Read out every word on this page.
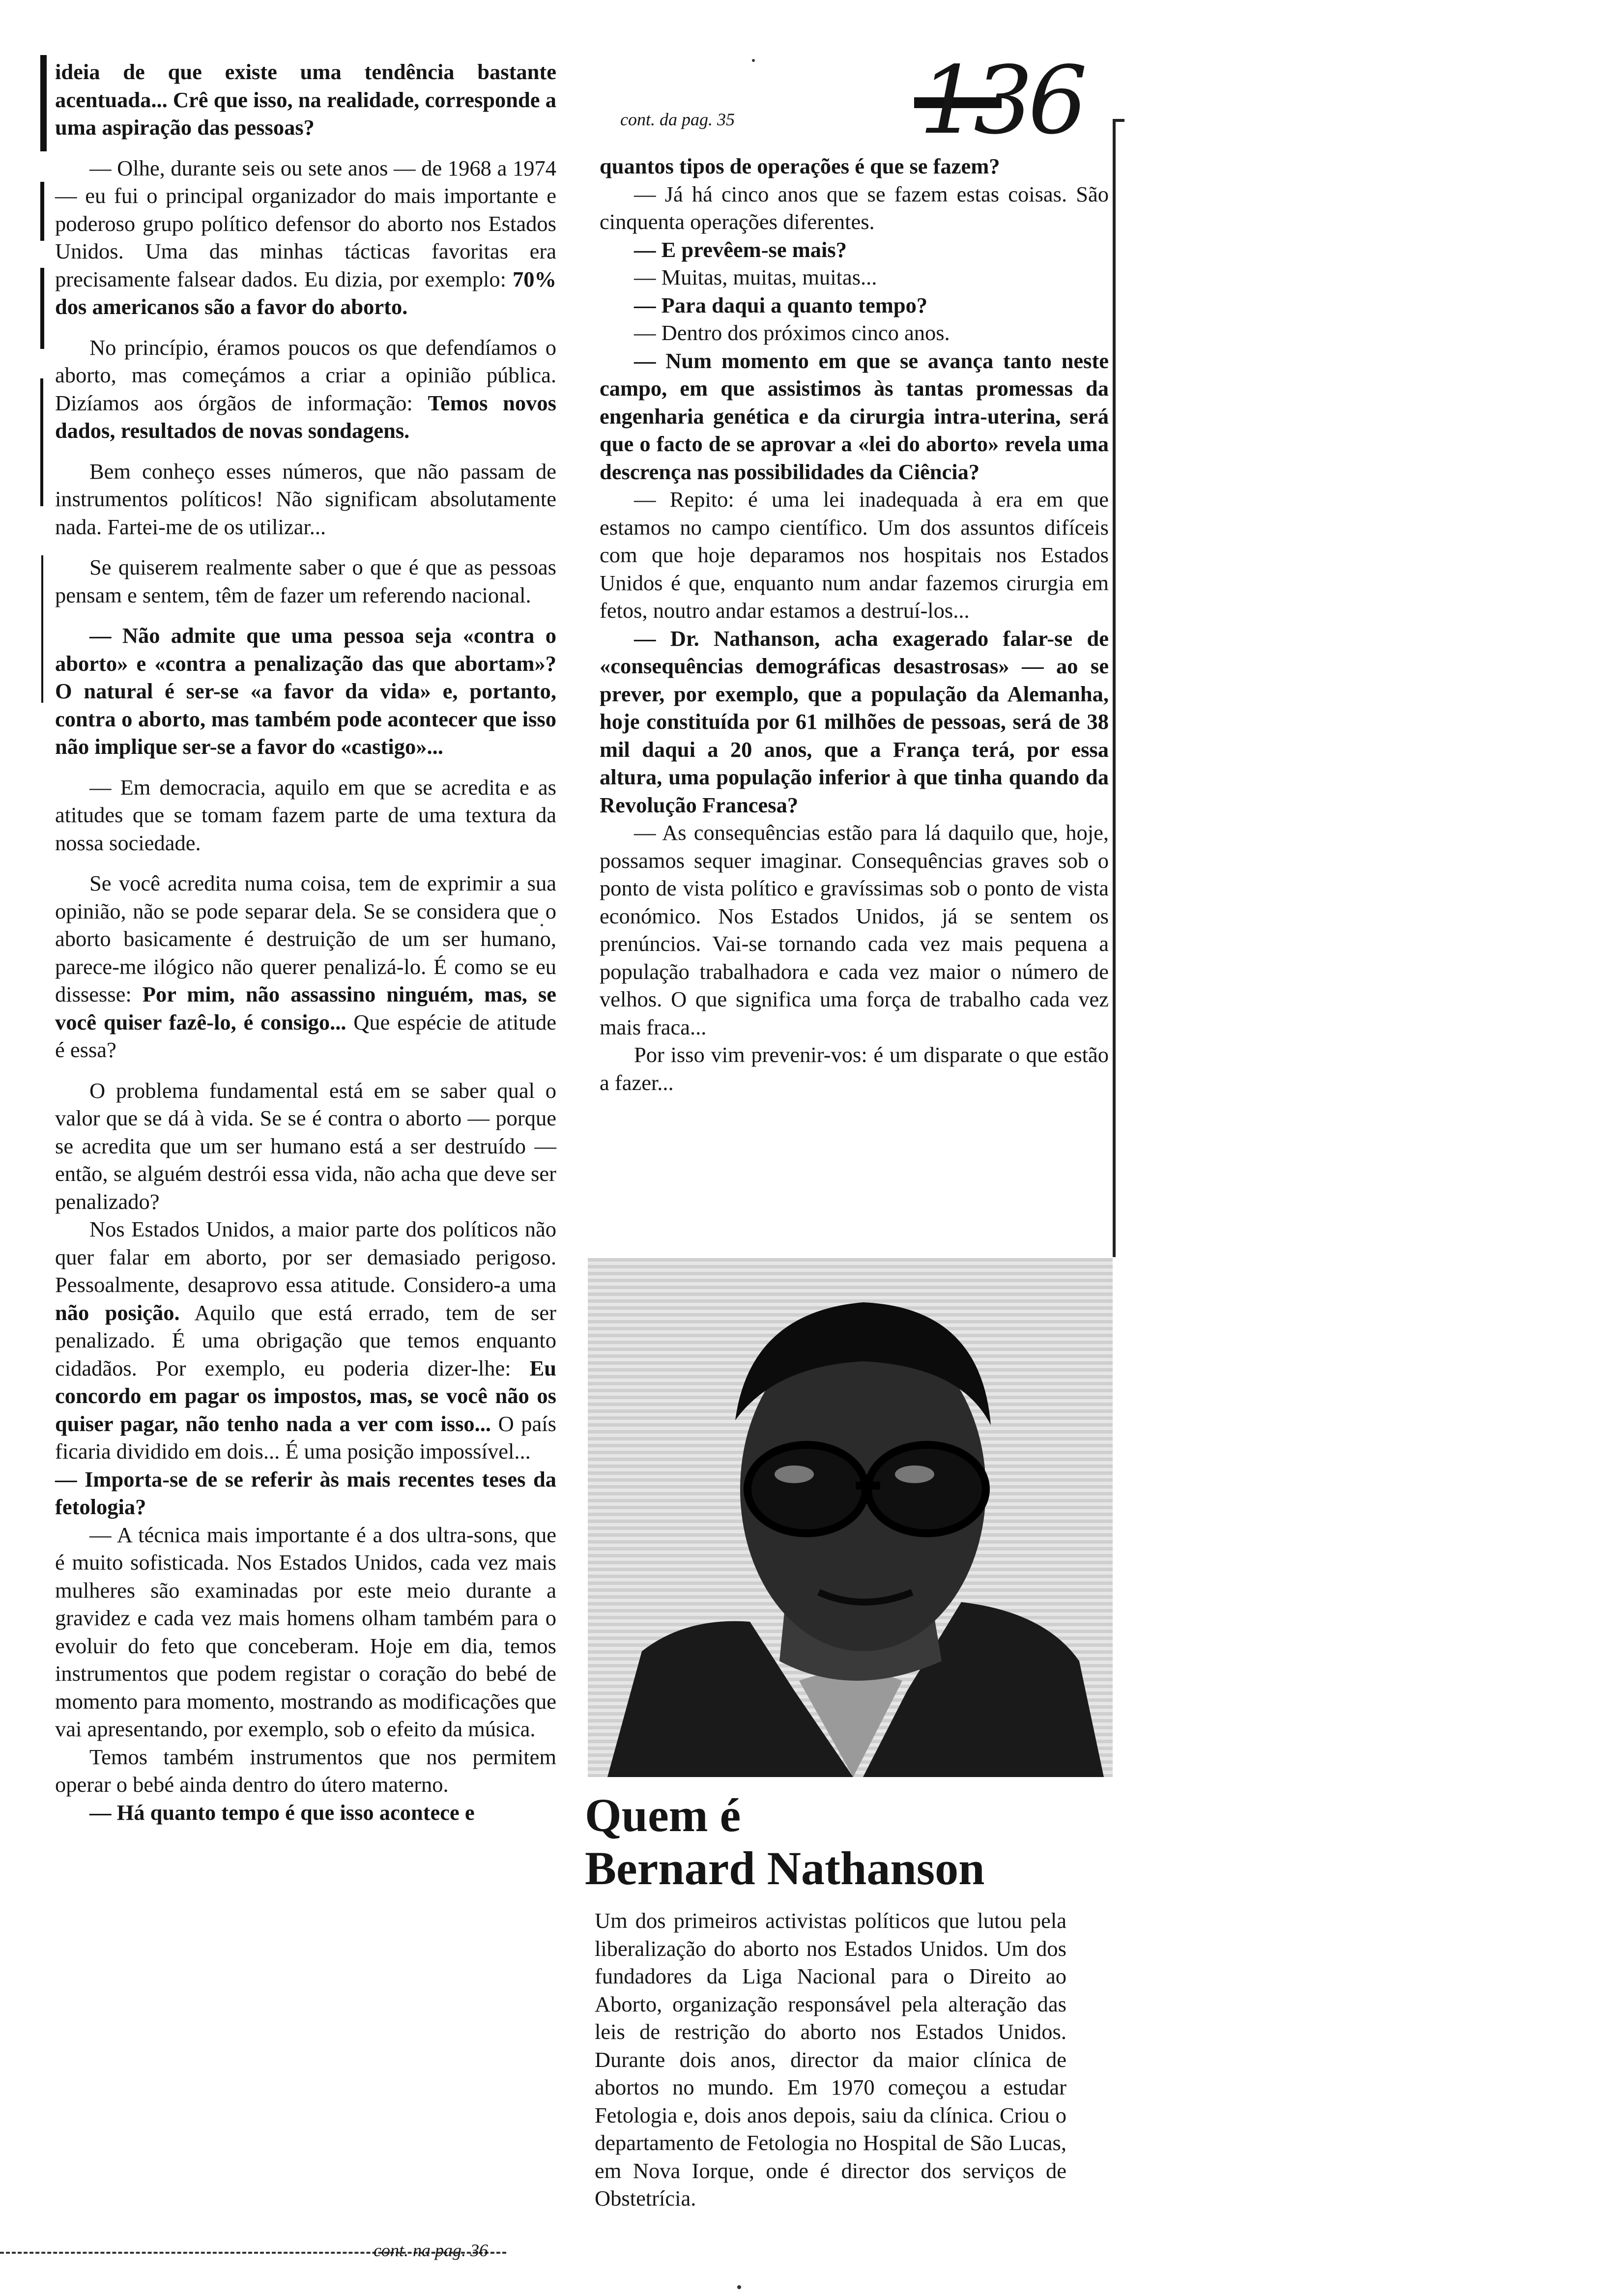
136
cont. da pag. 35

ideia de que existe uma tendência bastante acentuada... Crê que isso, na realidade, corresponde a uma aspiração das pessoas?

— Olhe, durante seis ou sete anos — de 1968 a 1974 — eu fui o principal organizador do mais importante e poderoso grupo político defensor do aborto nos Estados Unidos. Uma das minhas tácticas favoritas era precisamente falsear dados. Eu dizia, por exemplo: 70% dos americanos são a favor do aborto.

No princípio, éramos poucos os que defendíamos o aborto, mas começámos a criar a opinião pública. Dizíamos aos órgãos de informação: Temos novos dados, resultados de novas sondagens.

Bem conheço esses números, que não passam de instrumentos políticos! Não significam absolutamente nada. Fartei-me de os utilizar...

Se quiserem realmente saber o que é que as pessoas pensam e sentem, têm de fazer um referendo nacional.

— Não admite que uma pessoa seja «contra o aborto» e «contra a penalização das que abortam»? O natural é ser-se «a favor da vida» e, portanto, contra o aborto, mas também pode acontecer que isso não implique ser-se a favor do «castigo»...

— Em democracia, aquilo em que se acredita e as atitudes que se tomam fazem parte de uma textura da nossa sociedade.

Se você acredita numa coisa, tem de exprimir a sua opinião, não se pode separar dela. Se se considera que o aborto basicamente é destruição de um ser humano, parece-me ilógico não querer penalizá-lo. É como se eu dissesse: Por mim, não assassino ninguém, mas, se você quiser fazê-lo, é consigo... Que espécie de atitude é essa?

O problema fundamental está em se saber qual o valor que se dá à vida. Se se é contra o aborto — porque se acredita que um ser humano está a ser destruído — então, se alguém destrói essa vida, não acha que deve ser penalizado?

Nos Estados Unidos, a maior parte dos políticos não quer falar em aborto, por ser demasiado perigoso. Pessoalmente, desaprovo essa atitude. Considero-a uma não posição. Aquilo que está errado, tem de ser penalizado. É uma obrigação que temos enquanto cidadãos. Por exemplo, eu poderia dizer-lhe: Eu concordo em pagar os impostos, mas, se você não os quiser pagar, não tenho nada a ver com isso... O país ficaria dividido em dois... É uma posição impossível...

— Importa-se de se referir às mais recentes teses da fetologia?

— A técnica mais importante é a dos ultra-sons, que é muito sofisticada. Nos Estados Unidos, cada vez mais mulheres são examinadas por este meio durante a gravidez e cada vez mais homens olham também para o evoluir do feto que conceberam. Hoje em dia, temos instrumentos que podem registar o coração do bebé de momento para momento, mostrando as modificações que vai apresentando, por exemplo, sob o efeito da música.

Temos também instrumentos que nos permitem operar o bebé ainda dentro do útero materno.

— Há quanto tempo é que isso acontece e

quantos tipos de operações é que se fazem?

— Já há cinco anos que se fazem estas coisas. São cinquenta operações diferentes.

— E prevêem-se mais?

— Muitas, muitas, muitas...

— Para daqui a quanto tempo?

— Dentro dos próximos cinco anos.

— Num momento em que se avança tanto neste campo, em que assistimos às tantas promessas da engenharia genética e da cirurgia intra-uterina, será que o facto de se aprovar a «lei do aborto» revela uma descrença nas possibilidades da Ciência?

— Repito: é uma lei inadequada à era em que estamos no campo científico. Um dos assuntos difíceis com que hoje deparamos nos hospitais nos Estados Unidos é que, enquanto num andar fazemos cirurgia em fetos, noutro andar estamos a destruí-los...

— Dr. Nathanson, acha exagerado falar-se de «consequências demográficas desastrosas» — ao se prever, por exemplo, que a população da Alemanha, hoje constituída por 61 milhões de pessoas, será de 38 mil daqui a 20 anos, que a França terá, por essa altura, uma população inferior à que tinha quando da Revolução Francesa?

— As consequências estão para lá daquilo que, hoje, possamos sequer imaginar. Consequências graves sob o ponto de vista político e gravíssimas sob o ponto de vista económico. Nos Estados Unidos, já se sentem os prenúncios. Vai-se tornando cada vez mais pequena a população trabalhadora e cada vez maior o número de velhos. O que significa uma força de trabalho cada vez mais fraca...

Por isso vim prevenir-vos: é um disparate o que estão a fazer...

Quem é
Bernard Nathanson
Um dos primeiros activistas políticos que lutou pela liberalização do aborto nos Estados Unidos. Um dos fundadores da Liga Nacional para o Direito ao Aborto, organização responsável pela alteração das leis de restrição do aborto nos Estados Unidos. Durante dois anos, director da maior clínica de abortos no mundo. Em 1970 começou a estudar Fetologia e, dois anos depois, saiu da clínica. Criou o departamento de Fetologia no Hospital de São Lucas, em Nova Iorque, onde é director dos serviços de Obstetrícia.
cont. na pag. 36
